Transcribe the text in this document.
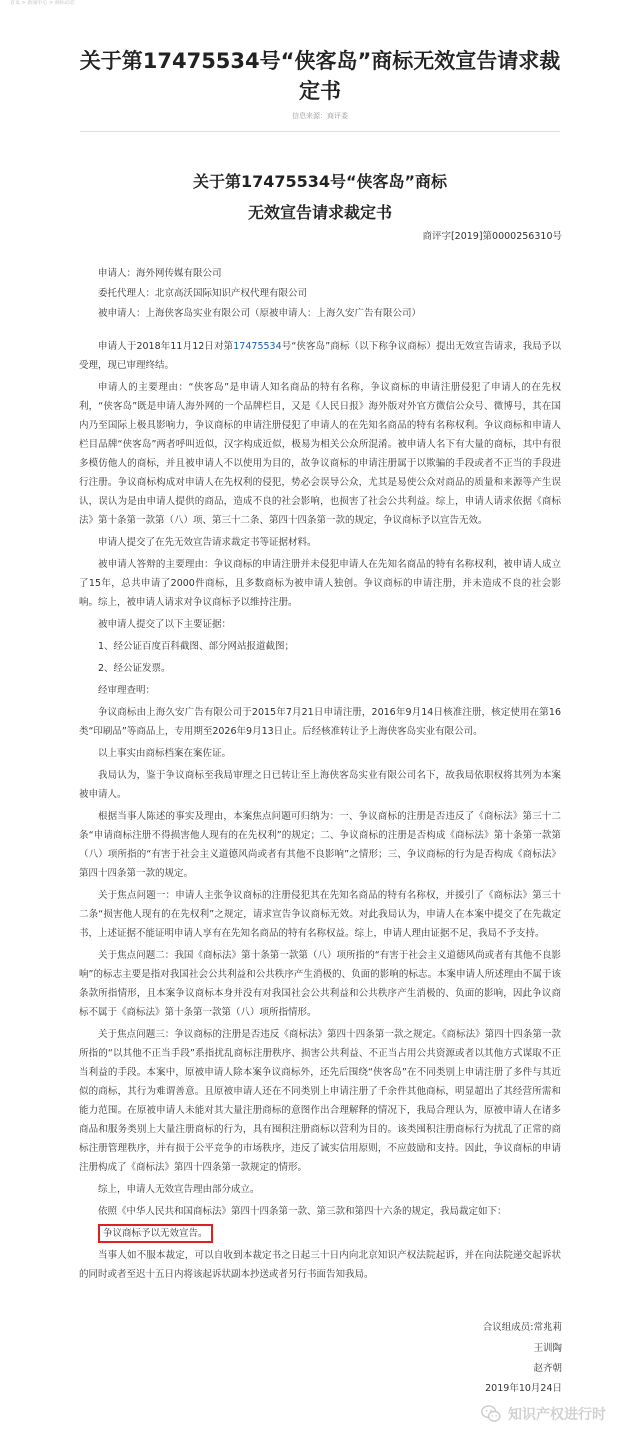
首页 > 新闻中心 > 商标动态
关于第17475534号“侠客岛”商标无效宣告请求裁定书
信息来源：商评委
关于第17475534号“侠客岛”商标
无效宣告请求裁定书
商评字[2019]第0000256310号

申请人：海外网传媒有限公司

委托代理人：北京高沃国际知识产权代理有限公司

被申请人：上海侠客岛实业有限公司（原被申请人：上海久安广告有限公司）

申请人于2018年11月12日对第17475534号“侠客岛”商标（以下称争议商标）提出无效宣告请求，我局予以受理，现已审理终结。

申请人的主要理由：“侠客岛”是申请人知名商品的特有名称，争议商标的申请注册侵犯了申请人的在先权利，“侠客岛”既是申请人海外网的一个品牌栏目，又是《人民日报》海外版对外官方微信公众号、微博号，其在国内乃至国际上极具影响力，争议商标的申请注册侵犯了申请人的在先知名商品的特有名称权利。争议商标和申请人栏目品牌“侠客岛”两者呼叫近似，汉字构成近似，极易为相关公众所混淆。被申请人名下有大量的商标，其中有很多模仿他人的商标，并且被申请人不以使用为目的，故争议商标的申请注册属于以欺骗的手段或者不正当的手段进行注册。争议商标构成对申请人在先权利的侵犯，势必会误导公众，尤其是易使公众对商品的质量和来源等产生误认，误认为是由申请人提供的商品，造成不良的社会影响，也损害了社会公共利益。综上，申请人请求依据《商标法》第十条第一款第（八）项、第三十二条、第四十四条第一款的规定，争议商标予以宣告无效。

申请人提交了在先无效宣告请求裁定书等证据材料。

被申请人答辩的主要理由：争议商标的申请注册并未侵犯申请人在先知名商品的特有名称权利，被申请人成立了15年，总共申请了2000件商标，且多数商标为被申请人独创。争议商标的申请注册，并未造成不良的社会影响。综上，被申请人请求对争议商标予以维持注册。

被申请人提交了以下主要证据：

1、经公证百度百科截图、部分网站报道截图；

2、经公证发票。

经审理查明：

争议商标由上海久安广告有限公司于2015年7月21日申请注册，2016年9月14日核准注册，核定使用在第16类“印刷品”等商品上，专用期至2026年9月13日止。后经核准转让予上海侠客岛实业有限公司。

以上事实由商标档案在案佐证。

我局认为，鉴于争议商标至我局审理之日已转让至上海侠客岛实业有限公司名下，故我局依职权将其列为本案被申请人。

根据当事人陈述的事实及理由，本案焦点问题可归纳为：一、争议商标的注册是否违反了《商标法》第三十二条“申请商标注册不得损害他人现有的在先权利”的规定；二、争议商标的注册是否构成《商标法》第十条第一款第（八）项所指的“有害于社会主义道德风尚或者有其他不良影响”之情形；三、争议商标的行为是否构成《商标法》第四十四条第一款的规定。

关于焦点问题一：申请人主张争议商标的注册侵犯其在先知名商品的特有名称权，并援引了《商标法》第三十二条“损害他人现有的在先权利”之规定，请求宣告争议商标无效。对此我局认为，申请人在本案中提交了在先裁定书，上述证据不能证明申请人享有在先知名商品的特有名称权益。综上，申请人理由证据不足，我局不予支持。

关于焦点问题二：我国《商标法》第十条第一款第（八）项所指的“有害于社会主义道德风尚或者有其他不良影响”的标志主要是指对我国社会公共利益和公共秩序产生消极的、负面的影响的标志。本案申请人所述理由不属于该条款所指情形，且本案争议商标本身并没有对我国社会公共利益和公共秩序产生消极的、负面的影响，因此争议商标不属于《商标法》第十条第一款第（八）项所指情形。

关于焦点问题三：争议商标的注册是否违反《商标法》第四十四条第一款之规定。《商标法》第四十四条第一款所指的“以其他不正当手段”系指扰乱商标注册秩序、损害公共利益、不正当占用公共资源或者以其他方式谋取不正当利益的手段。本案中，原被申请人除本案争议商标外，还先后围绕“侠客岛”在不同类别上申请注册了多件与其近似的商标，其行为难谓善意。且原被申请人还在不同类别上申请注册了千余件其他商标，明显超出了其经营所需和能力范围。在原被申请人未能对其大量注册商标的意图作出合理解释的情况下，我局合理认为，原被申请人在诸多商品和服务类别上大量注册商标的行为，具有囤积注册商标以营利为目的。该类囤积注册商标行为扰乱了正常的商标注册管理秩序，并有损于公平竞争的市场秩序，违反了诚实信用原则，不应鼓励和支持。因此，争议商标的申请注册构成了《商标法》第四十四条第一款规定的情形。

综上，申请人无效宣告理由部分成立。

依照《中华人民共和国商标法》第四十四条第一款、第三款和第四十六条的规定，我局裁定如下：

争议商标予以无效宣告。

当事人如不服本裁定，可以自收到本裁定书之日起三十日内向北京知识产权法院起诉，并在向法院递交起诉状的同时或者至迟十五日内将该起诉状副本抄送或者另行书面告知我局。

合议组成员:常兆莉
王训陶
赵齐朝
2019年10月24日
知识产权进行时
